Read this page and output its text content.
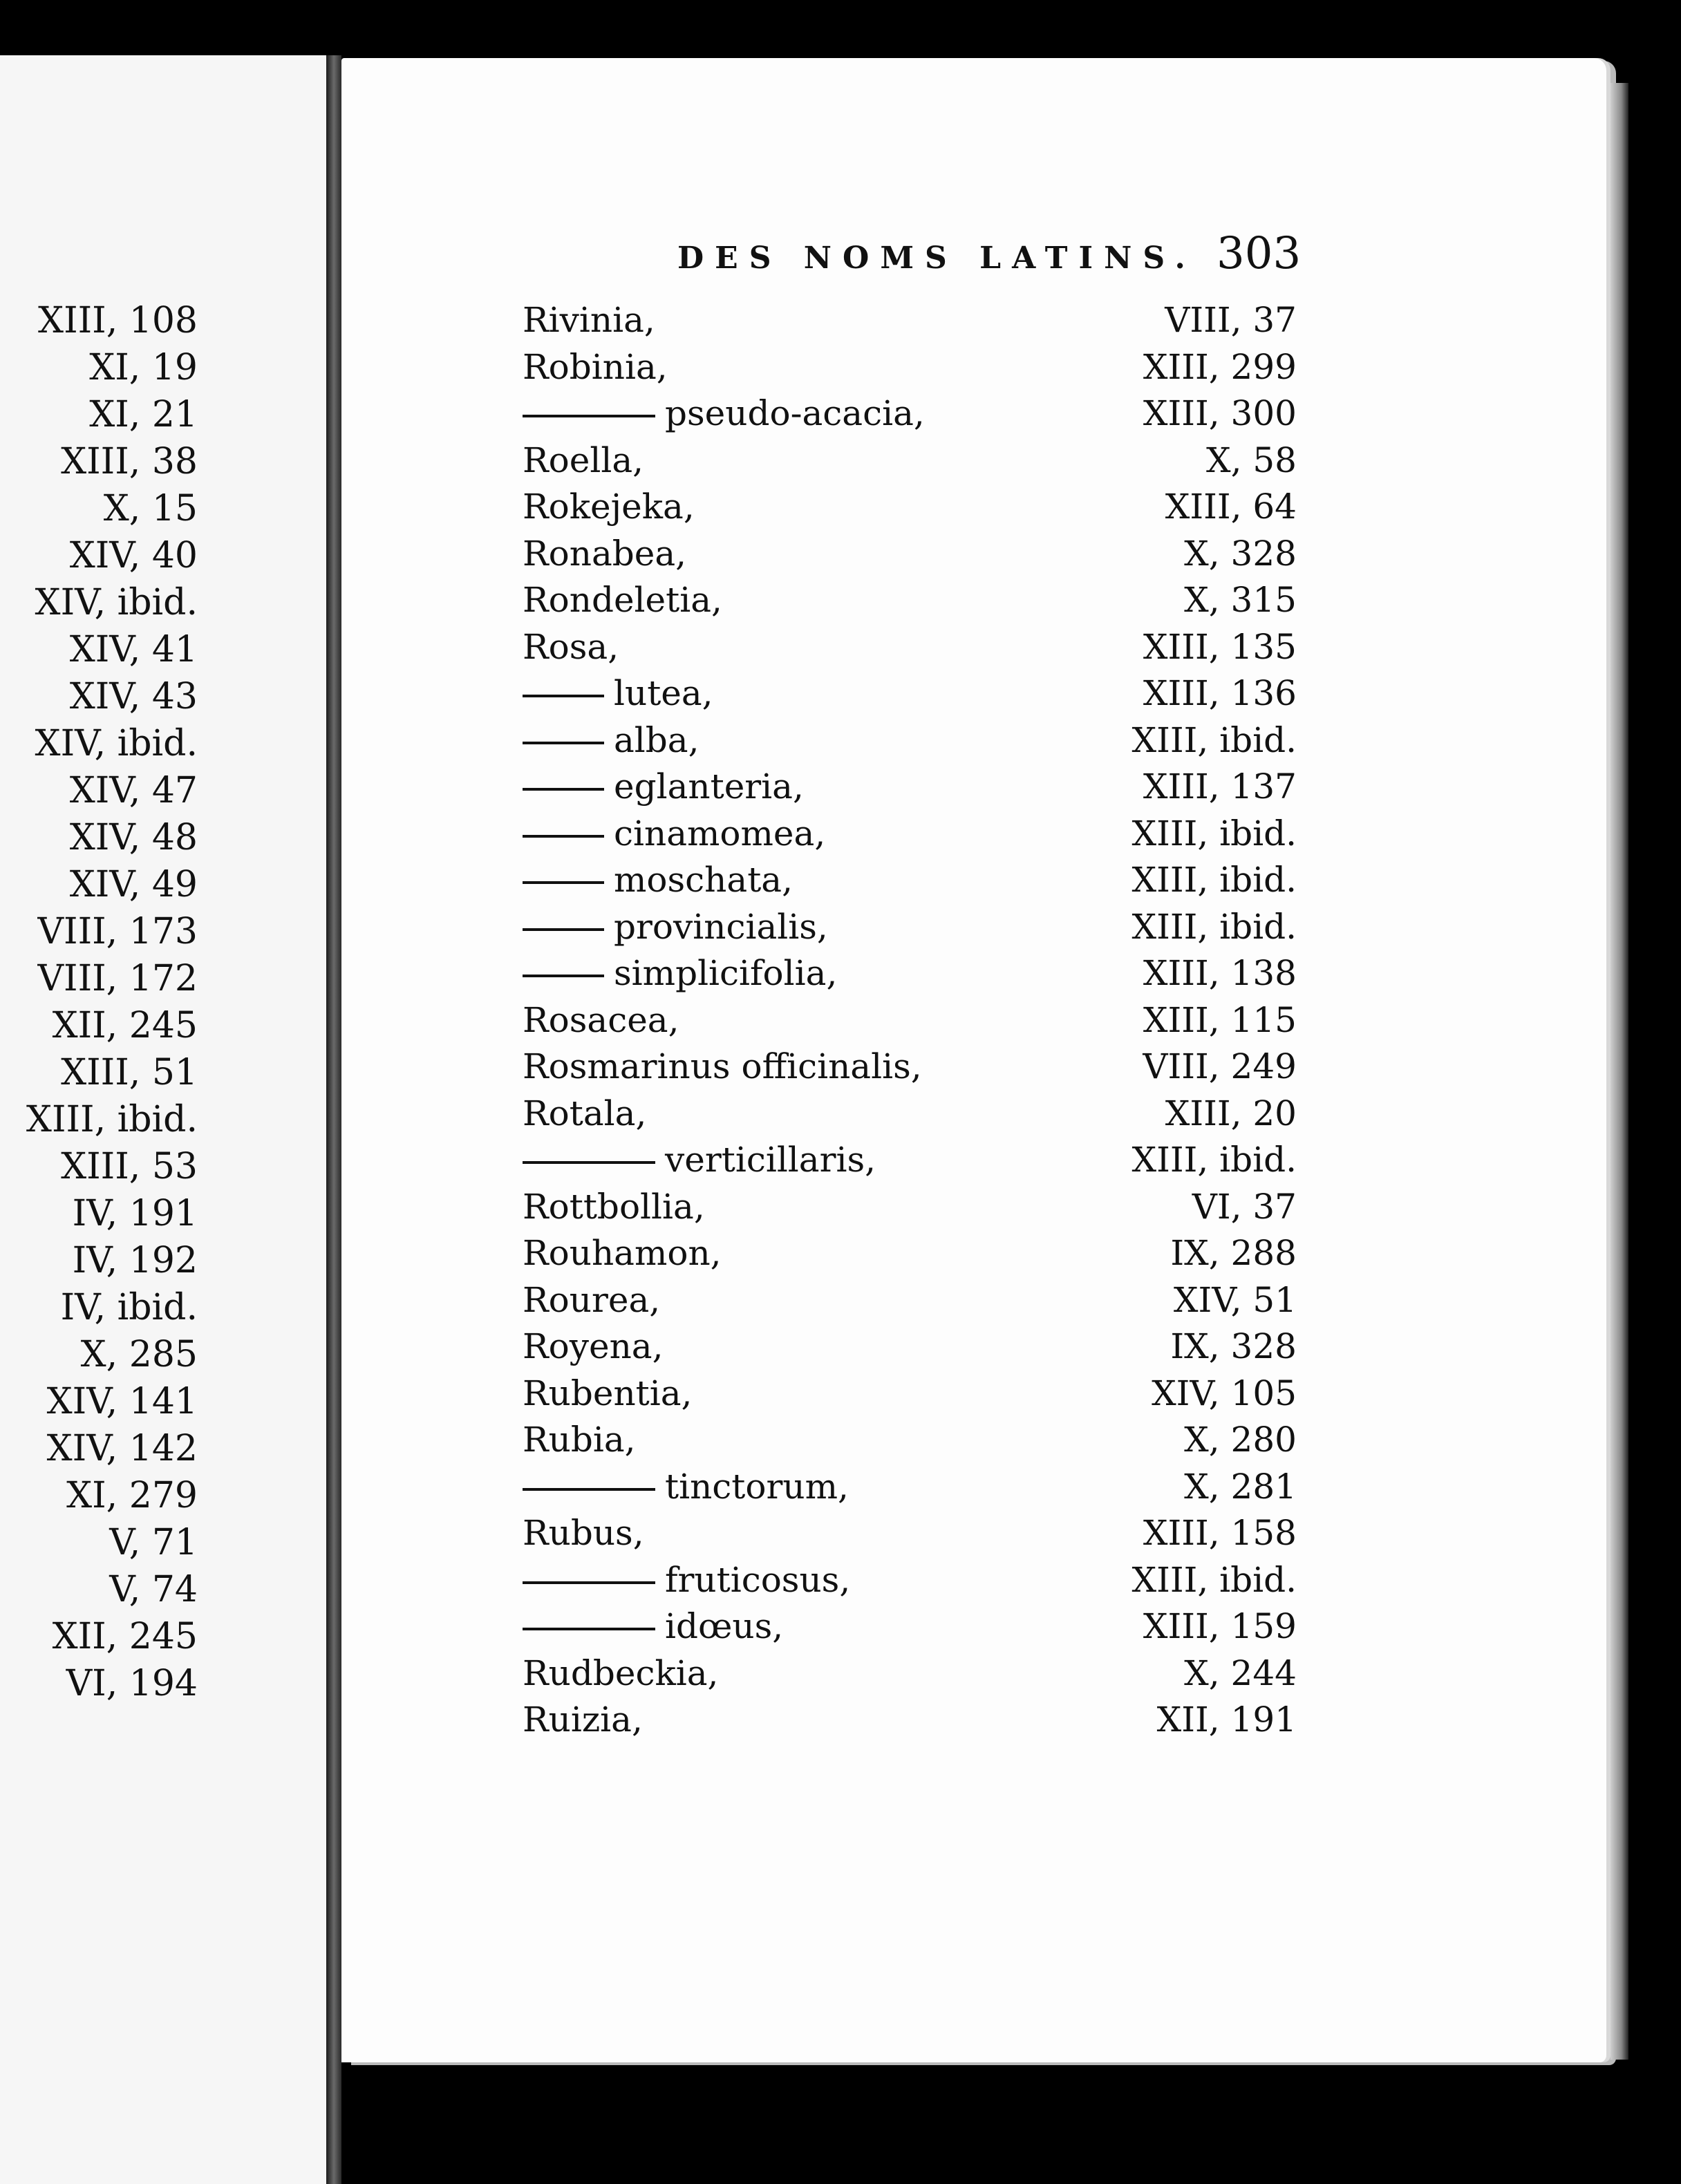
DES NOMS LATINS. 303
XIII, 108
XI, 19
XI, 21
XIII, 38
X, 15
XIV, 40
XIV, ibid.
XIV, 41
XIV, 43
XIV, ibid.
XIV, 47
XIV, 48
XIV, 49
VIII, 173
VIII, 172
XII, 245
XIII, 51
XIII, ibid.
XIII, 53
IV, 191
IV, 192
IV, ibid.
X, 285
XIV, 141
XIV, 142
XI, 279
V, 71
V, 74
XII, 245
VI, 194
Rivinia,	VIII, 37
Robinia,	XIII, 299
pseudo-acacia,	XIII, 300
Roella,	X, 58
Rokejeka,	XIII, 64
Ronabea,	X, 328
Rondeletia,	X, 315
Rosa,	XIII, 135
lutea,	XIII, 136
alba,	XIII, ibid.
eglanteria,	XIII, 137
cinamomea,	XIII, ibid.
moschata,	XIII, ibid.
provincialis,	XIII, ibid.
simplicifolia,	XIII, 138
Rosacea,	XIII, 115
Rosmarinus officinalis,	VIII, 249
Rotala,	XIII, 20
verticillaris,	XIII, ibid.
Rottbollia,	VI, 37
Rouhamon,	IX, 288
Rourea,	XIV, 51
Royena,	IX, 328
Rubentia,	XIV, 105
Rubia,	X, 280
tinctorum,	X, 281
Rubus,	XIII, 158
fruticosus,	XIII, ibid.
idœus,	XIII, 159
Rudbeckia,	X, 244
Ruizia,	XII, 191
